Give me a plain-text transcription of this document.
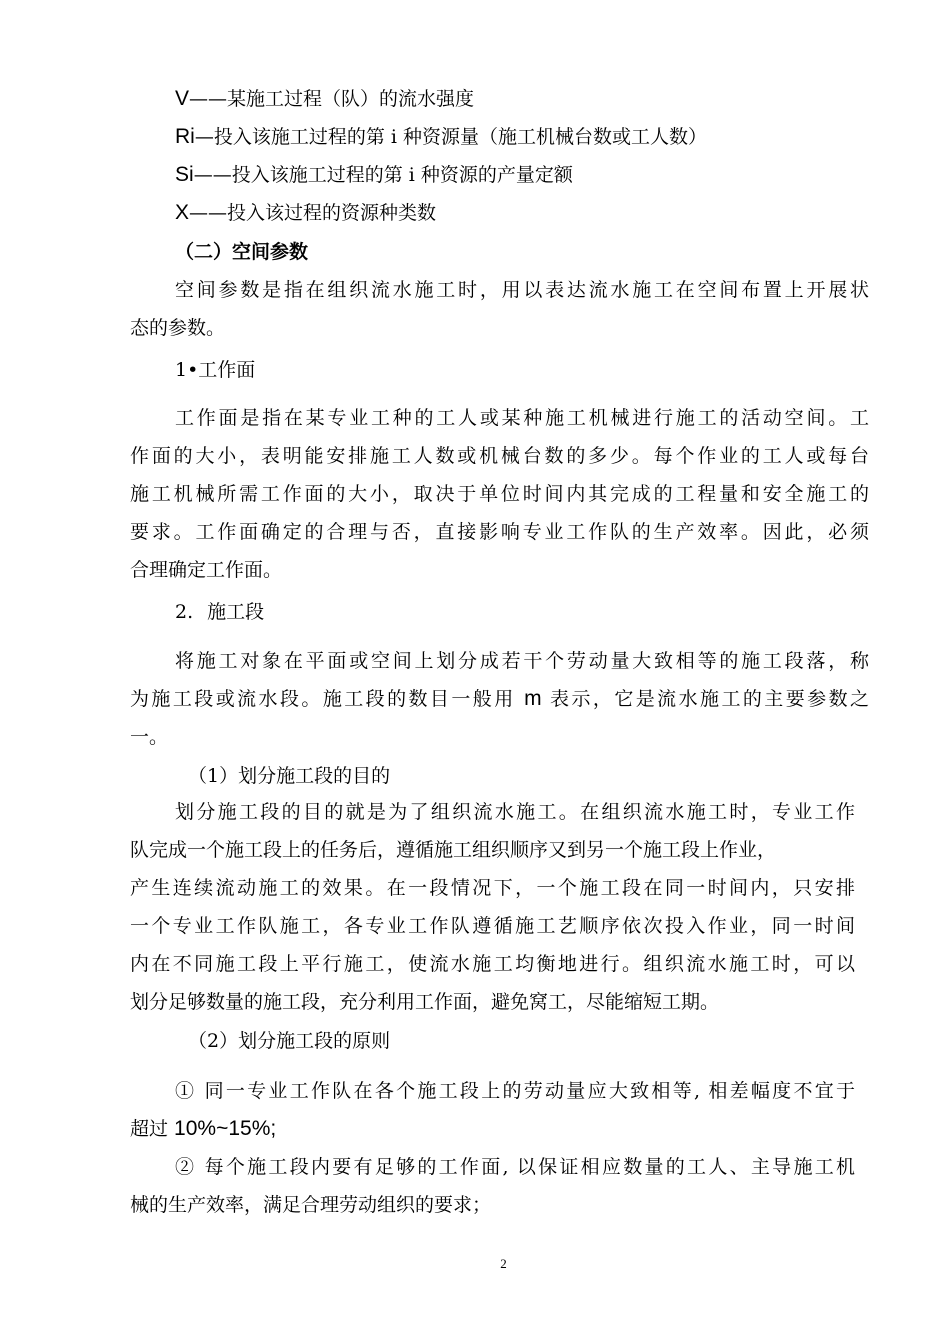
V——某施工过程（队）的流水强度
Ri—投入该施工过程的第 i 种资源量（施工机械台数或工人数）
Si——投入该施工过程的第 i 种资源的产量定额
X——投入该过程的资源种类数
（二）空间参数
空间参数是指在组织流水施工时，用以表达流水施工在空间布置上开展状
态的参数。
1•工作面
工作面是指在某专业工种的工人或某种施工机械进行施工的活动空间。工
作面的大小，表明能安排施工人数或机械台数的多少。每个作业的工人或每台
施工机械所需工作面的大小，取决于单位时间内其完成的工程量和安全施工的
要求。工作面确定的合理与否，直接影响专业工作队的生产效率。因此，必须
合理确定工作面。
2. 施工段
将施工对象在平面或空间上划分成若干个劳动量大致相等的施工段落，称
为施工段或流水段。施工段的数目一般用 m 表示，它是流水施工的主要参数之
一。
（1）划分施工段的目的
划分施工段的目的就是为了组织流水施工。在组织流水施工时，专业工作
队完成一个施工段上的任务后，遵循施工组织顺序又到另一个施工段上作业，
产生连续流动施工的效果。在一段情况下，一个施工段在同一时间内，只安排
一个专业工作队施工，各专业工作队遵循施工艺顺序依次投入作业，同一时间
内在不同施工段上平行施工，使流水施工均衡地进行。组织流水施工时，可以
划分足够数量的施工段，充分利用工作面，避免窝工，尽能缩短工期。
（2）划分施工段的原则
① 同一专业工作队在各个施工段上的劳动量应大致相等, 相差幅度不宜于
超过 10%~15%;
② 每个施工段内要有足够的工作面, 以保证相应数量的工人、主导施工机
械的生产效率，满足合理劳动组织的要求；
2
